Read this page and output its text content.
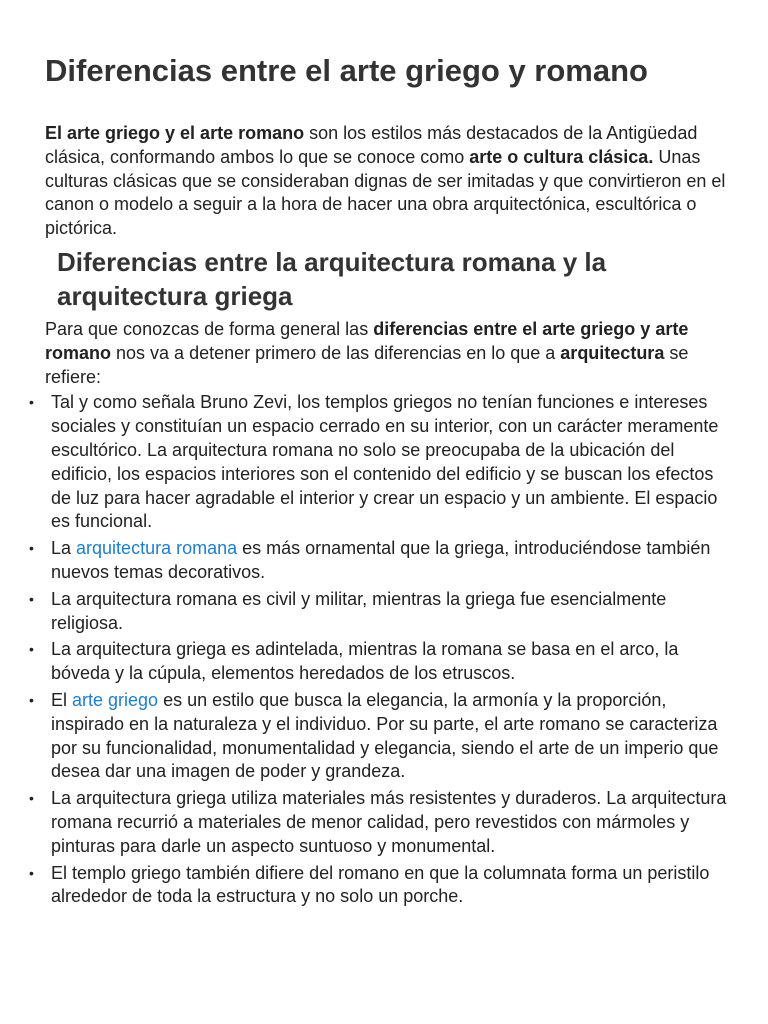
Diferencias entre el arte griego y romano

El arte griego y el arte romano son los estilos más destacados de la Antigüedad clásica, conformando ambos lo que se conoce como arte o cultura clásica. Unas culturas clásicas que se consideraban dignas de ser imitadas y que convirtieron en el canon o modelo a seguir a la hora de hacer una obra arquitectónica, escultórica o pictórica.

Diferencias entre la arquitectura romana y la arquitectura griega

Para que conozcas de forma general las diferencias entre el arte griego y arte romano nos va a detener primero de las diferencias en lo que a arquitectura se refiere:

• Tal y como señala Bruno Zevi, los templos griegos no tenían funciones e intereses sociales y constituían un espacio cerrado en su interior, con un carácter meramente escultórico. La arquitectura romana no solo se preocupaba de la ubicación del edificio, los espacios interiores son el contenido del edificio y se buscan los efectos de luz para hacer agradable el interior y crear un espacio y un ambiente. El espacio es funcional.
• La arquitectura romana es más ornamental que la griega, introduciéndose también nuevos temas decorativos.
• La arquitectura romana es civil y militar, mientras la griega fue esencialmente religiosa.
• La arquitectura griega es adintelada, mientras la romana se basa en el arco, la bóveda y la cúpula, elementos heredados de los etruscos.
• El arte griego es un estilo que busca la elegancia, la armonía y la proporción, inspirado en la naturaleza y el individuo. Por su parte, el arte romano se caracteriza por su funcionalidad, monumentalidad y elegancia, siendo el arte de un imperio que desea dar una imagen de poder y grandeza.
• La arquitectura griega utiliza materiales más resistentes y duraderos. La arquitectura romana recurrió a materiales de menor calidad, pero revestidos con mármoles y pinturas para darle un aspecto suntuoso y monumental.
• El templo griego también difiere del romano en que la columnata forma un peristilo alrededor de toda la estructura y no solo un porche.
